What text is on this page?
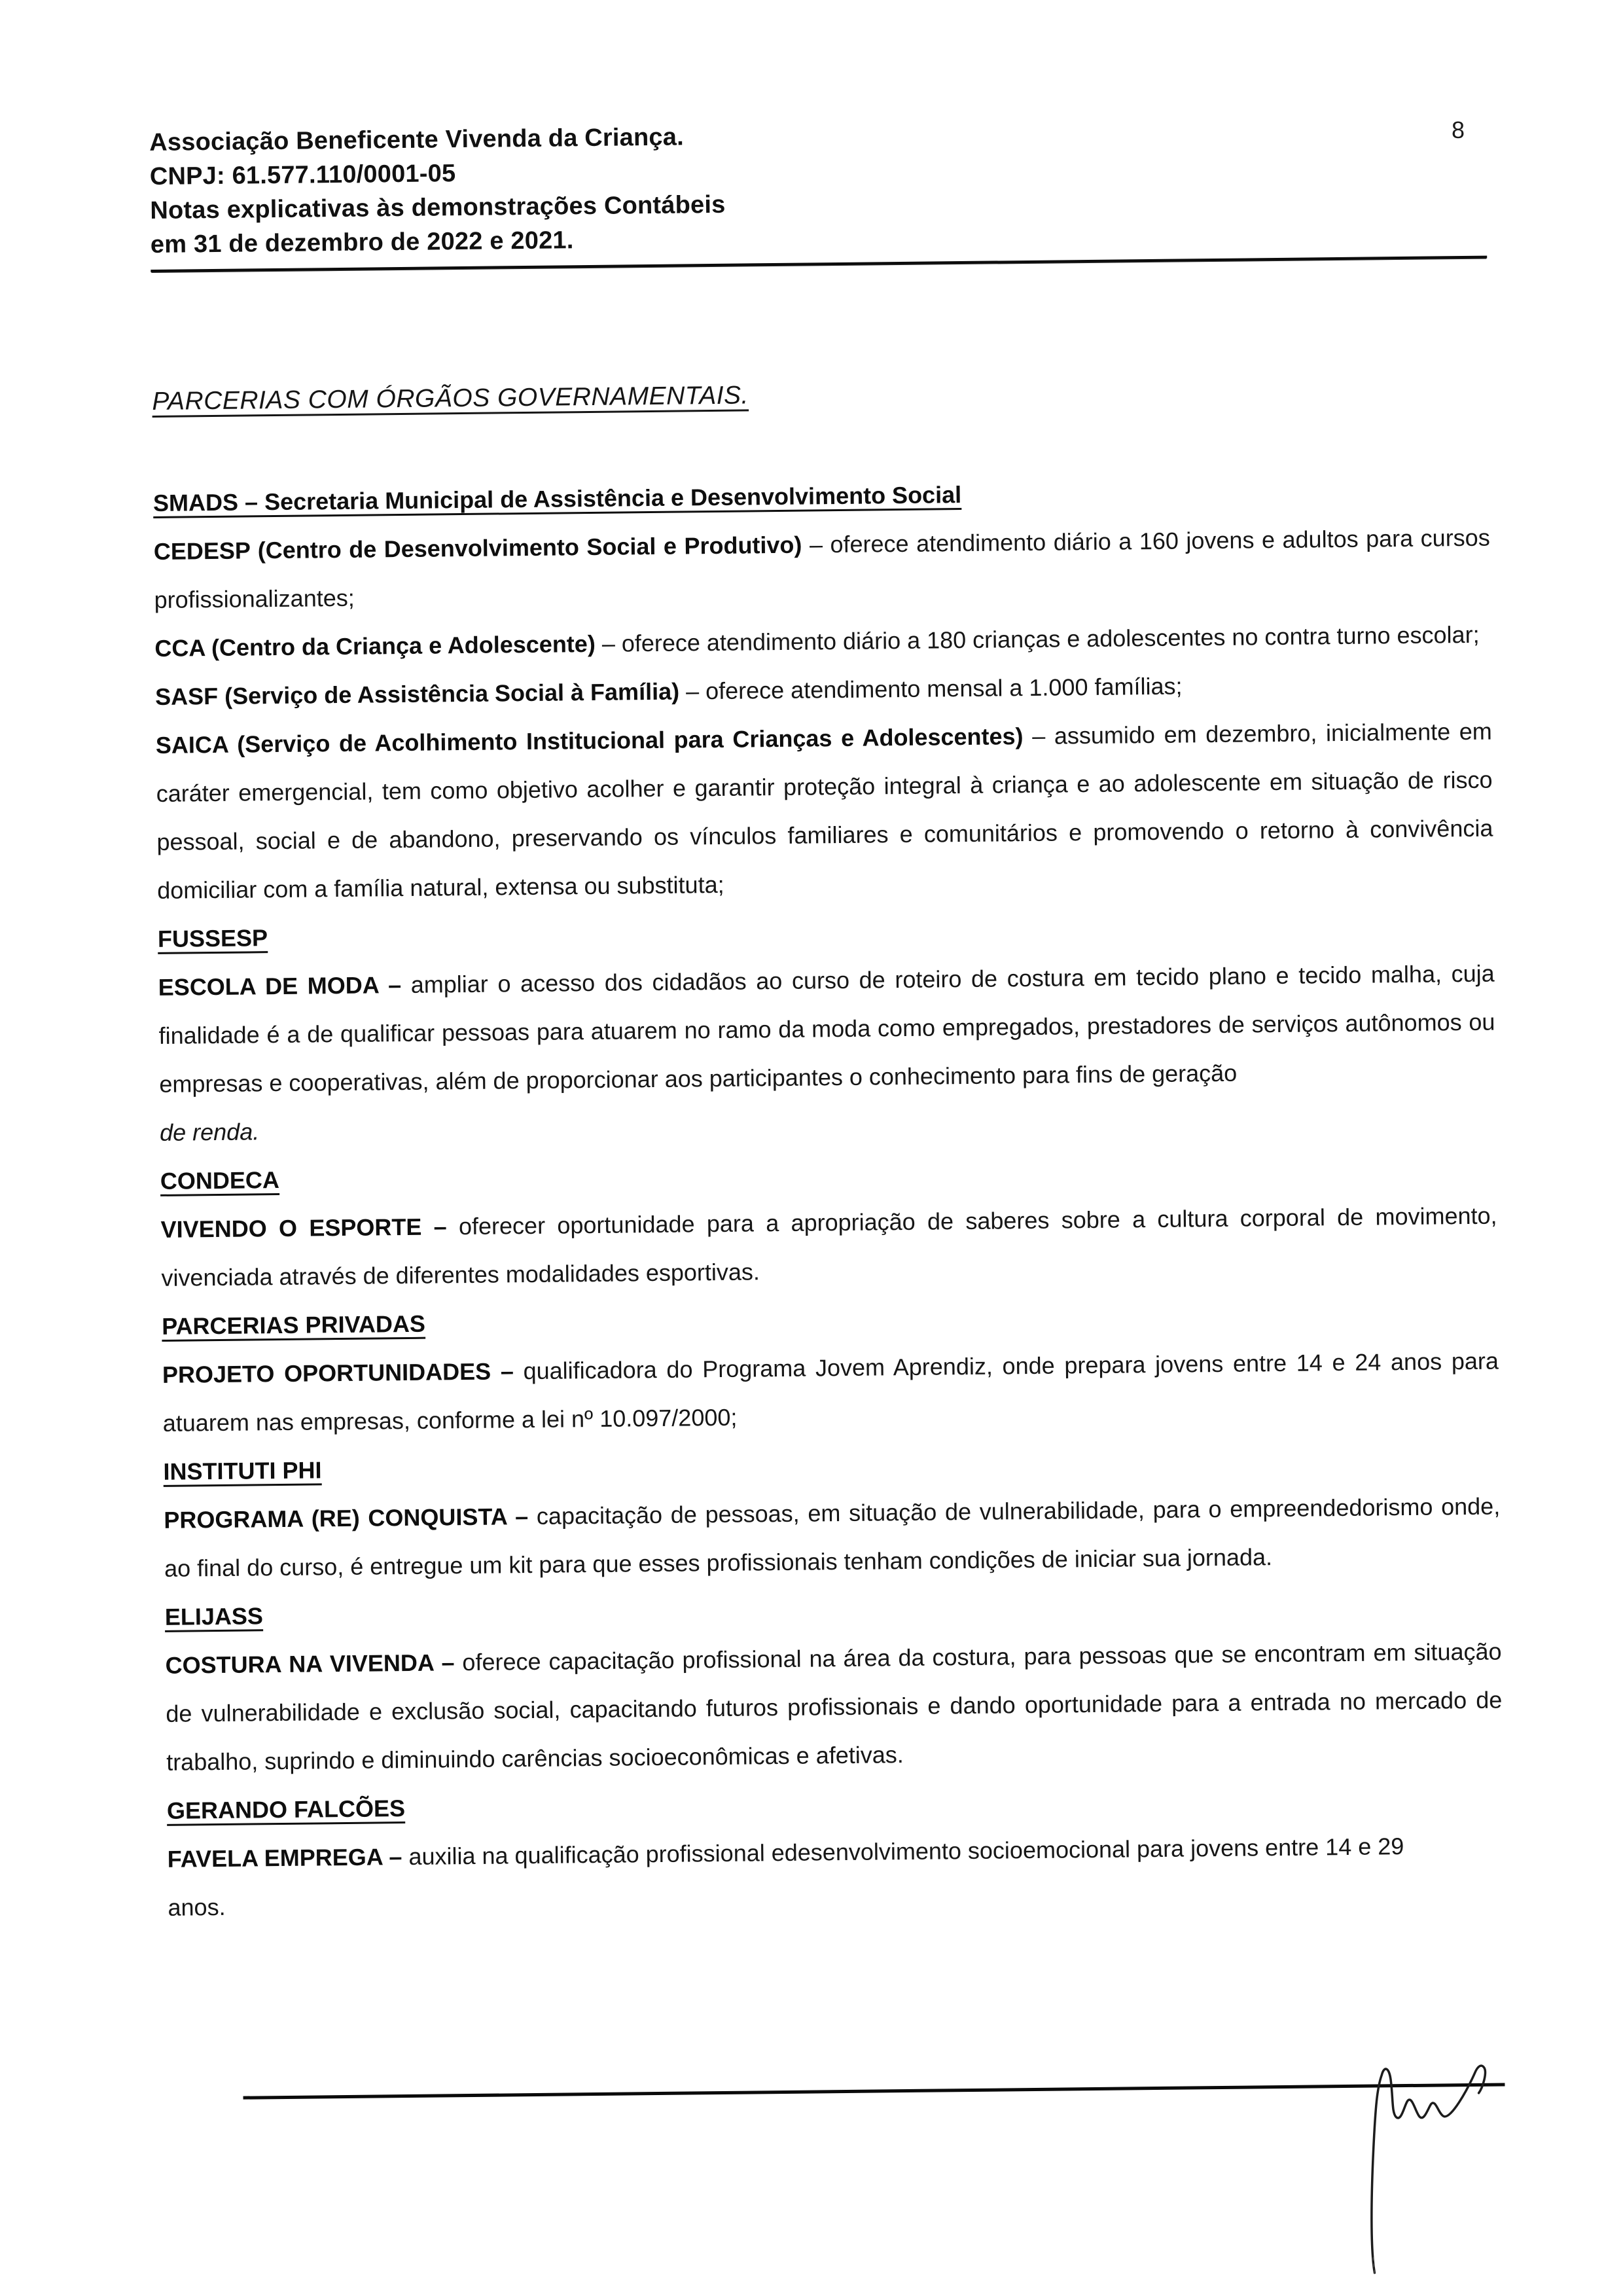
8
Associação Beneficente Vivenda da Criança.
CNPJ: 61.577.110/0001-05
Notas explicativas às demonstrações Contábeis
em 31 de dezembro de 2022 e 2021.
PARCERIAS COM ÓRGÃOS GOVERNAMENTAIS.

SMADS – Secretaria Municipal de Assistência e Desenvolvimento Social

CEDESP (Centro de Desenvolvimento Social e Produtivo) – oferece atendimento diário a 160 jovens e adultos para cursos profissionalizantes;

CCA (Centro da Criança e Adolescente) – oferece atendimento diário a 180 crianças e adolescentes no contra turno escolar;

SASF (Serviço de Assistência Social à Família) – oferece atendimento mensal a 1.000 famílias;

SAICA (Serviço de Acolhimento Institucional para Crianças e Adolescentes) – assumido em dezembro, inicialmente em caráter emergencial, tem como objetivo acolher e garantir proteção integral à criança e ao adolescente em situação de risco pessoal, social e de abandono, preservando os vínculos familiares e comunitários e promovendo o retorno à convivência domiciliar com a família natural, extensa ou substituta;

FUSSESP

ESCOLA DE MODA – ampliar o acesso dos cidadãos ao curso de roteiro de costura em tecido plano e tecido malha, cuja finalidade é a de qualificar pessoas para atuarem no ramo da moda como empregados, prestadores de serviços autônomos ou empresas e cooperativas, além de proporcionar aos participantes o conhecimento para fins de geração

de renda.

CONDECA

VIVENDO O ESPORTE – oferecer oportunidade para a apropriação de saberes sobre a cultura corporal de movimento, vivenciada através de diferentes modalidades esportivas.

PARCERIAS PRIVADAS

PROJETO OPORTUNIDADES – qualificadora do Programa Jovem Aprendiz, onde prepara jovens entre 14 e 24 anos para atuarem nas empresas, conforme a lei nº 10.097/2000;

INSTITUTI PHI

PROGRAMA (RE) CONQUISTA – capacitação de pessoas, em situação de vulnerabilidade, para o empreendedorismo onde, ao final do curso, é entregue um kit para que esses profissionais tenham condições de iniciar sua jornada.

ELIJASS

COSTURA NA VIVENDA – oferece capacitação profissional na área da costura, para pessoas que se encontram em situação de vulnerabilidade e exclusão social, capacitando futuros profissionais e dando oportunidade para a entrada no mercado de trabalho, suprindo e diminuindo carências socioeconômicas e afetivas.

GERANDO FALCÕES

FAVELA EMPREGA – auxilia na qualificação profissional edesenvolvimento socioemocional para jovens entre 14 e 29

anos.
